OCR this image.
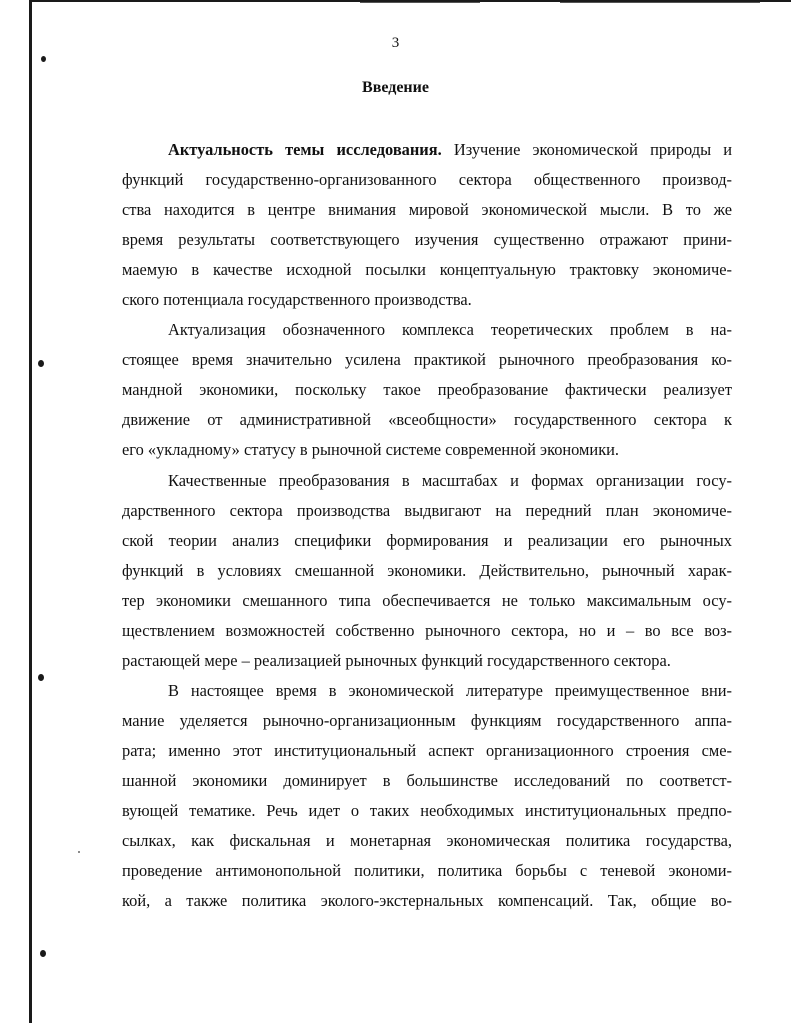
3
Введение
Актуальность темы исследования. Изучение экономической природы и
функций государственно-организованного сектора общественного производ-
ства находится в центре внимания мировой экономической мысли. В то же
время результаты соответствующего изучения существенно отражают прини-
маемую в качестве исходной посылки концептуальную трактовку экономиче-
ского потенциала государственного производства.
Актуализация обозначенного комплекса теоретических проблем в на-
стоящее время значительно усилена практикой рыночного преобразования ко-
мандной экономики, поскольку такое преобразование фактически реализует
движение от административной «всеобщности» государственного сектора к
его «укладному» статусу в рыночной системе современной экономики.
Качественные преобразования в масштабах и формах организации госу-
дарственного сектора производства выдвигают на передний план экономиче-
ской теории анализ специфики формирования и реализации его рыночных
функций в условиях смешанной экономики. Действительно, рыночный харак-
тер экономики смешанного типа обеспечивается не только максимальным осу-
ществлением возможностей собственно рыночного сектора, но и – во все воз-
растающей мере – реализацией рыночных функций государственного сектора.
В настоящее время в экономической литературе преимущественное вни-
мание уделяется рыночно-организационным функциям государственного аппа-
рата; именно этот институциональный аспект организационного строения сме-
шанной экономики доминирует в большинстве исследований по соответст-
вующей тематике. Речь идет о таких необходимых институциональных предпо-
сылках, как фискальная и монетарная экономическая политика государства,
проведение антимонопольной политики, политика борьбы с теневой экономи-
кой, а также политика эколого-экстернальных компенсаций. Так, общие во-
